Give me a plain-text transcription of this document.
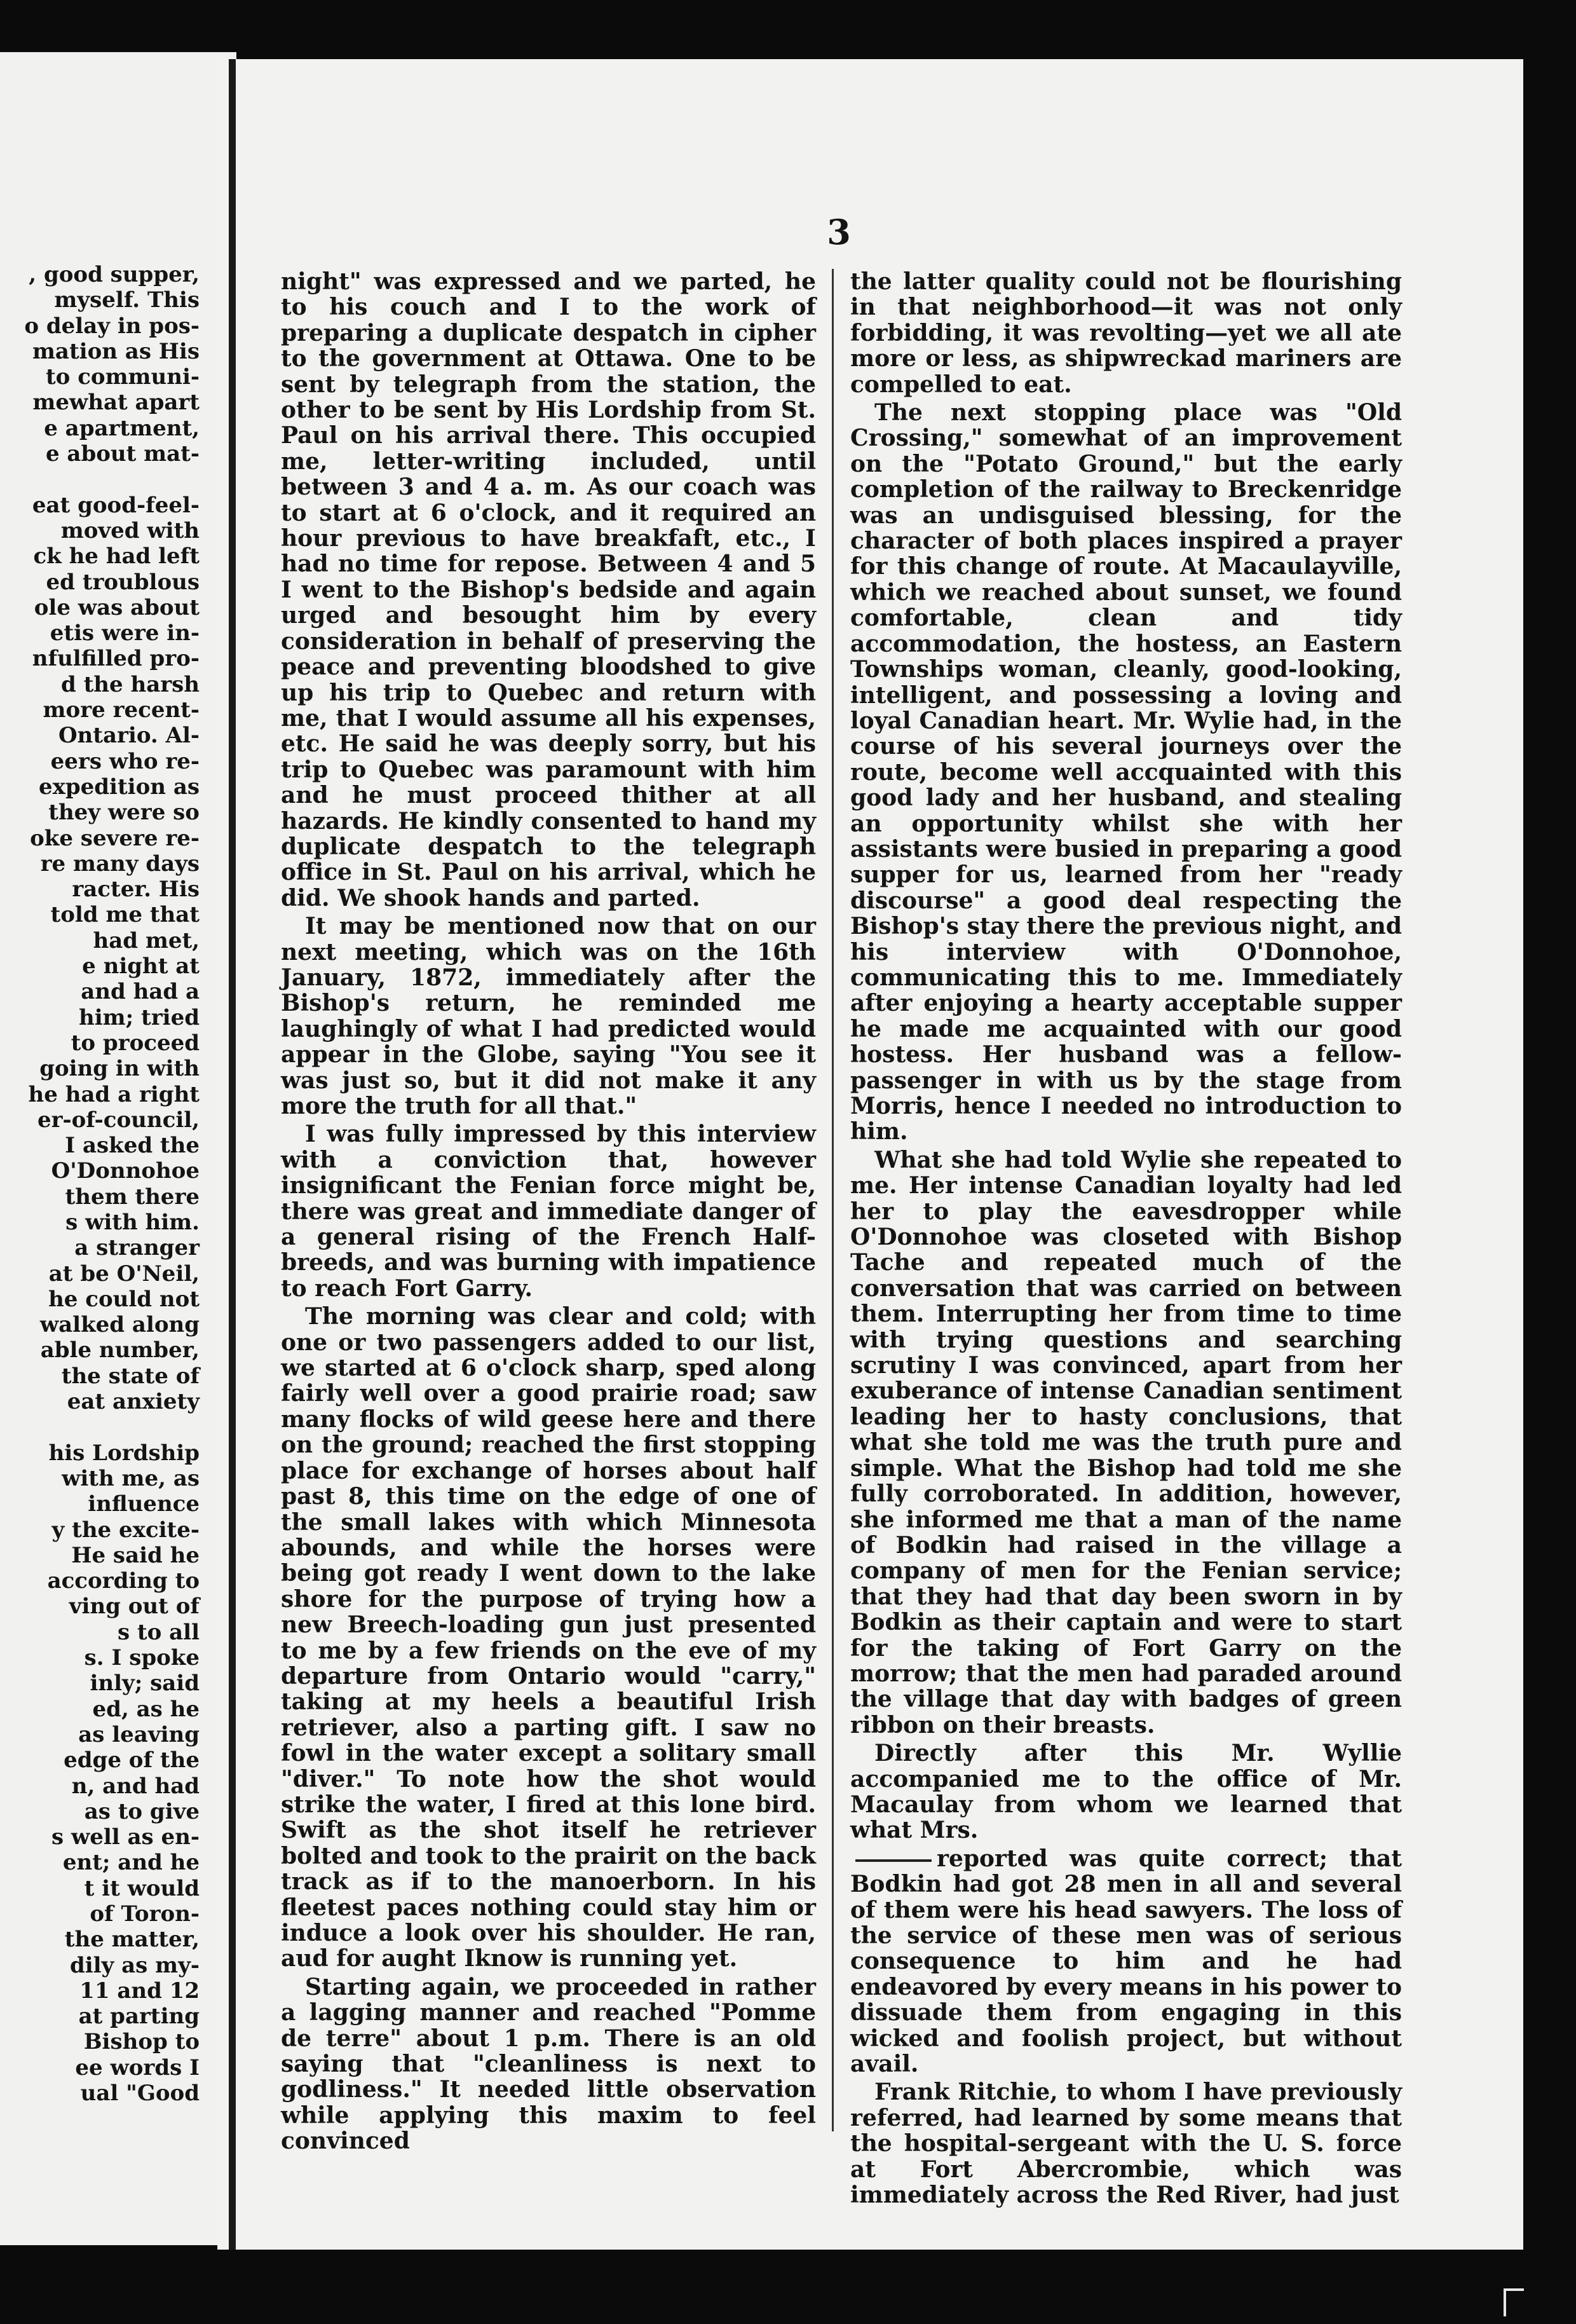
, good supper,
myself. This
o delay in pos-
mation as His
to communi-
mewhat apart
e apartment,
e about mat-

eat good-feel-
moved with
ck he had left
ed troublous
ole was about
etis were in-
nfulfilled pro-
d the harsh
more recent-
Ontario. Al-
eers who re-
expedition as
they were so
oke severe re-
re many days
racter. His
told me that
had met,
e night at
and had a
him; tried
to proceed
going in with
he had a right
er-of-council,
I asked the
O'Donnohoe
them there
s with him.
a stranger
at be O'Neil,
he could not
walked along
able number,
the state of
eat anxiety

his Lordship
with me, as
influence
y the excite-
He said he
according to
ving out of
s to all
s. I spoke
inly; said
ed, as he
as leaving
edge of the
n, and had
as to give
s well as en-
ent; and he
t it would
of Toron-
the matter,
dily as my-
11 and 12
at parting
Bishop to
ee words I
ual "Good
3

night" was expressed and we parted, he to his couch and I to the work of preparing a duplicate despatch in cipher to the government at Ottawa. One to be sent by telegraph from the station, the other to be sent by His Lordship from St. Paul on his arrival there. This occupied me, letter-writing included, until between 3 and 4 a. m. As our coach was to start at 6 o'clock, and it required an hour previous to have breakfaft, etc., I had no time for repose. Between 4 and 5 I went to the Bishop's bedside and again urged and besought him by every consideration in behalf of preserving the peace and preventing bloodshed to give up his trip to Quebec and return with me, that I would assume all his expenses, etc. He said he was deeply sorry, but his trip to Quebec was paramount with him and he must proceed thither at all hazards. He kindly consented to hand my duplicate despatch to the telegraph office in St. Paul on his arrival, which he did. We shook hands and parted.

It may be mentioned now that on our next meeting, which was on the 16th January, 1872, immediately after the Bishop's return, he reminded me laughingly of what I had predicted would appear in the Globe, saying "You see it was just so, but it did not make it any more the truth for all that."

I was fully impressed by this interview with a conviction that, however insignificant the Fenian force might be, there was great and immediate danger of a general rising of the French Half-breeds, and was burning with impatience to reach Fort Garry.

The morning was clear and cold; with one or two passengers added to our list, we started at 6 o'clock sharp, sped along fairly well over a good prairie road; saw many flocks of wild geese here and there on the ground; reached the first stopping place for exchange of horses about half past 8, this time on the edge of one of the small lakes with which Minnesota abounds, and while the horses were being got ready I went down to the lake shore for the purpose of trying how a new Breech-loading gun just presented to me by a few friends on the eve of my departure from Ontario would "carry," taking at my heels a beautiful Irish retriever, also a parting gift. I saw no fowl in the water except a solitary small "diver." To note how the shot would strike the water, I fired at this lone bird. Swift as the shot itself he retriever bolted and took to the prairit on the back track as if to the manoerborn. In his fleetest paces nothing could stay him or induce a look over his shoulder. He ran, aud for aught Iknow is running yet.

Starting again, we proceeded in rather a lagging manner and reached "Pomme de terre" about 1 p.m. There is an old saying that "cleanliness is next to godliness." It needed little observation while applying this maxim to feel convinced

the latter quality could not be flourishing in that neighborhood—it was not only forbidding, it was revolting—yet we all ate more or less, as shipwreckad mariners are compelled to eat.

The next stopping place was "Old Crossing," somewhat of an improvement on the "Potato Ground," but the early completion of the railway to Breckenridge was an undisguised blessing, for the character of both places inspired a prayer for this change of route. At Macaulayville, which we reached about sunset, we found comfortable, clean and tidy accommodation, the hostess, an Eastern Townships woman, cleanly, good-looking, intelligent, and possessing a loving and loyal Canadian heart. Mr. Wylie had, in the course of his several journeys over the route, become well accquainted with this good lady and her husband, and stealing an opportunity whilst she with her assistants were busied in preparing a good supper for us, learned from her "ready discourse" a good deal respecting the Bishop's stay there the previous night, and his interview with O'Donnohoe, communicating this to me. Immediately after enjoying a hearty acceptable supper he made me acquainted with our good hostess. Her husband was a fellow-passenger in with us by the stage from Morris, hence I needed no introduction to him.

What she had told Wylie she repeated to me. Her intense Canadian loyalty had led her to play the eavesdropper while O'Donnohoe was closeted with Bishop Tache and repeated much of the conversation that was carried on between them. Interrupting her from time to time with trying questions and searching scrutiny I was convinced, apart from her exuberance of intense Canadian sentiment leading her to hasty conclusions, that what she told me was the truth pure and simple. What the Bishop had told me she fully corroborated. In addition, however, she informed me that a man of the name of Bodkin had raised in the village a company of men for the Fenian service; that they had that day been sworn in by Bodkin as their captain and were to start for the taking of Fort Garry on the morrow; that the men had paraded around the village that day with badges of green ribbon on their breasts.

Directly after this Mr. Wyllie accompanied me to the office of Mr. Macaulay from whom we learned that what Mrs.

reported was quite correct; that Bodkin had got 28 men in all and several of them were his head sawyers. The loss of the service of these men was of serious consequence to him and he had endeavored by every means in his power to dissuade them from engaging in this wicked and foolish project, but without avail.

Frank Ritchie, to whom I have previously referred, had learned by some means that the hospital-sergeant with the U. S. force at Fort Abercrombie, which was immediately across the Red River, had just
